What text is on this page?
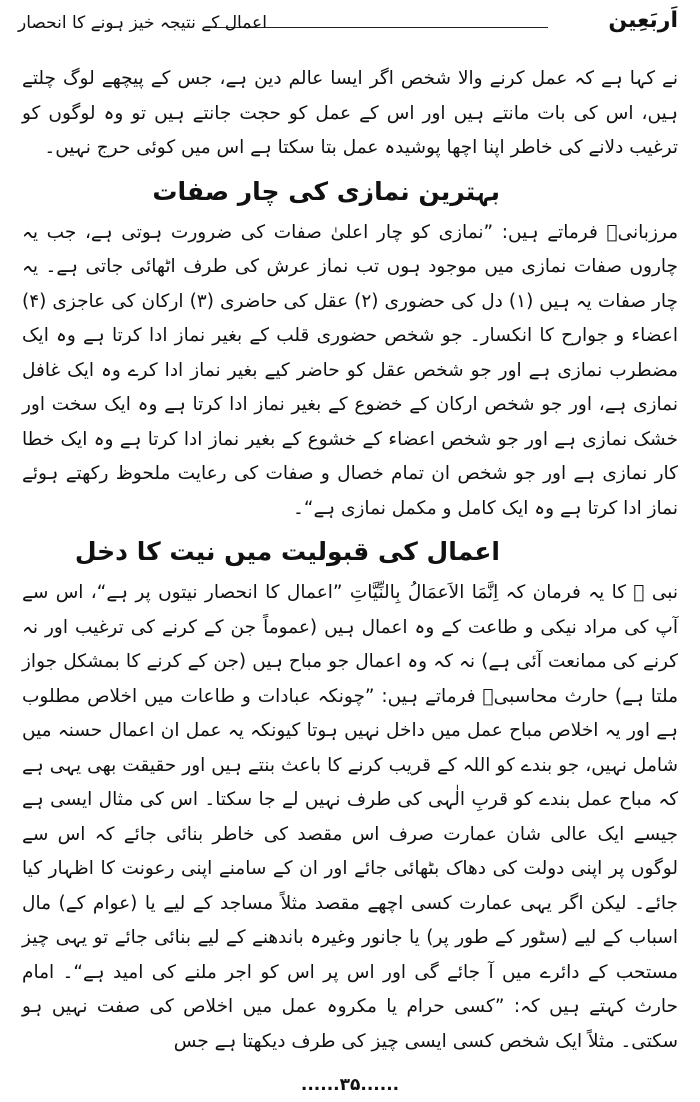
اَربَعِین
اعمال کے نتیجہ خیز ہونے کا انحصار

نے کہا ہے کہ عمل کرنے والا شخص اگر ایسا عالم دین ہے، جس کے پیچھے لوگ چلتے ہیں، اس کی بات مانتے ہیں اور اس کے عمل کو حجت جانتے ہیں تو وہ لوگوں کو ترغیب دلانے کی خاطر اپنا اچھا پوشیدہ عمل بتا سکتا ہے اس میں کوئی حرج نہیں۔

بہترین نمازی کی چار صفات

مرزبانیؒ فرماتے ہیں: ”نمازی کو چار اعلیٰ صفات کی ضرورت ہوتی ہے، جب یہ چاروں صفات نمازی میں موجود ہوں تب نماز عرش کی طرف اٹھائی جاتی ہے۔ یہ چار صفات یہ ہیں (۱) دل کی حضوری (۲) عقل کی حاضری (۳) ارکان کی عاجزی (۴) اعضاء و جوارح کا انکسار۔ جو شخص حضوری قلب کے بغیر نماز ادا کرتا ہے وہ ایک مضطرب نمازی ہے اور جو شخص عقل کو حاضر کیے بغیر نماز ادا کرے وہ ایک غافل نمازی ہے، اور جو شخص ارکان کے خضوع کے بغیر نماز ادا کرتا ہے وہ ایک سخت اور خشک نمازی ہے اور جو شخص اعضاء کے خشوع کے بغیر نماز ادا کرتا ہے وہ ایک خطا کار نمازی ہے اور جو شخص ان تمام خصال و صفات کی رعایت ملحوظ رکھتے ہوئے نماز ادا کرتا ہے وہ ایک کامل و مکمل نمازی ہے“۔

اعمال کی قبولیت میں نیت کا دخل

نبی ﷺ کا یہ فرمان کہ اِنَّمَا الاَعمَالُ بِالنِّیَّاتِ ”اعمال کا انحصار نیتوں پر ہے“، اس سے آپ کی مراد نیکی و طاعت کے وہ اعمال ہیں (عموماً جن کے کرنے کی ترغیب اور نہ کرنے کی ممانعت آئی ہے) نہ کہ وہ اعمال جو مباح ہیں (جن کے کرنے کا بمشکل جواز ملتا ہے) حارث محاسبیؒ فرماتے ہیں: ”چونکہ عبادات و طاعات میں اخلاص مطلوب ہے اور یہ اخلاص مباح عمل میں داخل نہیں ہوتا کیونکہ یہ عمل ان اعمال حسنہ میں شامل نہیں، جو بندے کو اللہ کے قریب کرنے کا باعث بنتے ہیں اور حقیقت بھی یہی ہے کہ مباح عمل بندے کو قربِ الٰہی کی طرف نہیں لے جا سکتا۔ اس کی مثال ایسی ہے جیسے ایک عالی شان عمارت صرف اس مقصد کی خاطر بنائی جائے کہ اس سے لوگوں پر اپنی دولت کی دھاک بٹھائی جائے اور ان کے سامنے اپنی رعونت کا اظہار کیا جائے۔ لیکن اگر یہی عمارت کسی اچھے مقصد مثلاً مساجد کے لیے یا (عوام کے) مال اسباب کے لیے (سٹور کے طور پر) یا جانور وغیرہ باندھنے کے لیے بنائی جائے تو یہی چیز مستحب کے دائرے میں آ جائے گی اور اس پر اس کو اجر ملنے کی امید ہے“۔ امام حارث کہتے ہیں کہ: ”کسی حرام یا مکروہ عمل میں اخلاص کی صفت نہیں ہو سکتی۔ مثلاً ایک شخص کسی ایسی چیز کی طرف دیکھتا ہے جس

......۳۵......
